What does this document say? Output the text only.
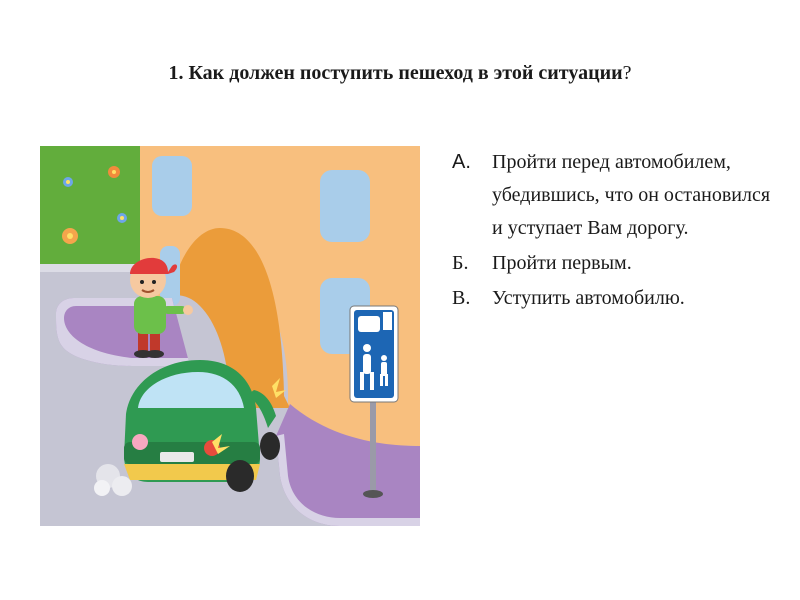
1. Как должен поступить пешеход в этой ситуации?
А.	Пройти перед автомобилем, убедившись, что он остановился и уступает Вам дорогу.
Б.	Пройти первым.
В.	Уступить автомобилю.
